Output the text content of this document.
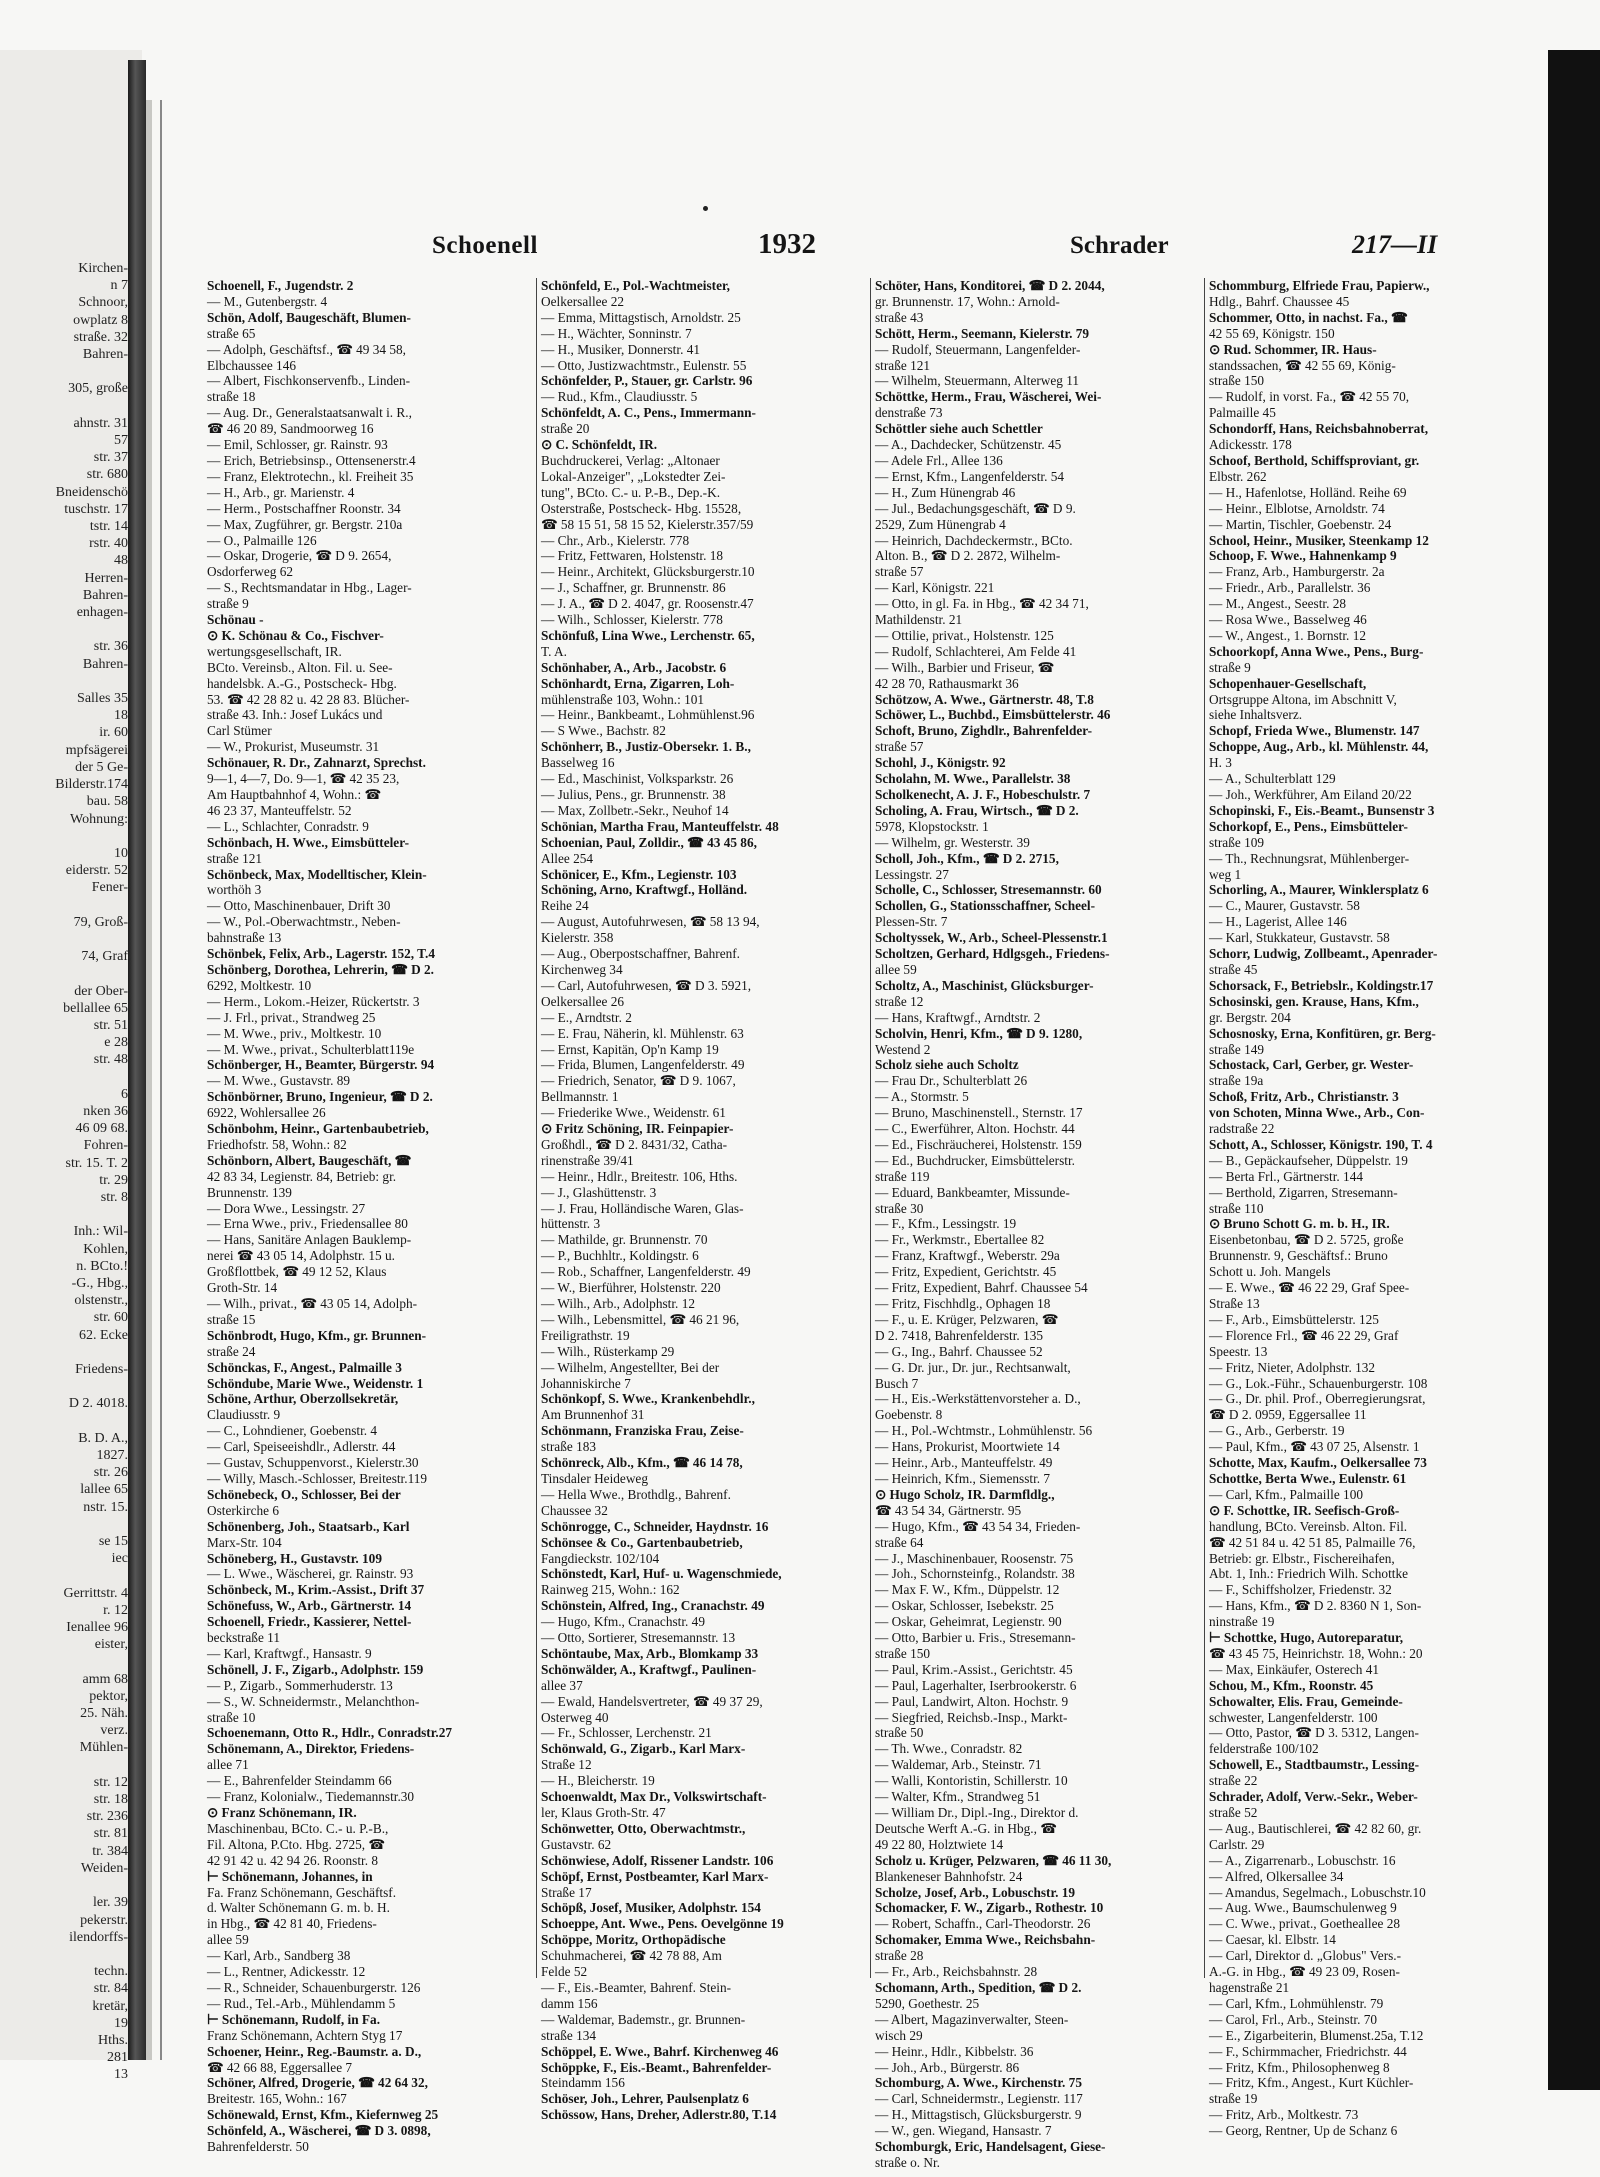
Kirchen-
n 7
Schnoor,
owplatz 8
straße. 32
Bahren-

305, große

ahnstr. 31
57
str. 37
str. 680
Bneidenschö
tuschstr. 17
tstr. 14
rstr. 40
48
Herren-
Bahren-
enhagen-

str. 36
Bahren-

Salles 35
18
ir. 60
mpfsägerei
der 5 Ge-
Bilderstr.174
bau. 58
Wohnung:

10
eiderstr. 52
Fener-

79, Groß-

74, Graf

der Ober-
bellallee 65
str. 51
e 28
str. 48

6
nken 36
46 09 68.
Fohren-
str. 15. T. 2
tr. 29
str. 8

Inh.: Wil-
Kohlen,
n. BCto.!
-G., Hbg.,
olstenstr.,
str. 60
62. Ecke

Friedens-

D 2. 4018.

B. D. A.,
1827.
str. 26
lallee 65
nstr. 15.

se 15
iec

Gerrittstr. 4
r. 12
Ienallee 96
eister,

amm 68
pektor,
25. Näh.
verz.
Mühlen-

str. 12
str. 18
str. 236
str. 81
tr. 384
Weiden-

ler. 39
pekerstr.
ilendorffs-

techn.
str. 84
kretär,
19
Hths.
281
13
Schoenell	1932	Schrader	217—II
Schoenell, F., Jugendstr. 2
— M., Gutenbergstr. 4
Schön, Adolf, Baugeschäft, Blumen-
straße 65
— Adolph, Geschäftsf., ☎ 49 34 58,
Elbchaussee 146
— Albert, Fischkonservenfb., Linden-
straße 18
— Aug. Dr., Generalstaatsanwalt i. R.,
☎ 46 20 89, Sandmoorweg 16
— Emil, Schlosser, gr. Rainstr. 93
— Erich, Betriebsinsp., Ottensenerstr.4
— Franz, Elektrotechn., kl. Freiheit 35
— H., Arb., gr. Marienstr. 4
— Herm., Postschaffner Roonstr. 34
— Max, Zugführer, gr. Bergstr. 210a
— O., Palmaille 126
— Oskar, Drogerie, ☎ D 9. 2654,
Osdorferweg 62
— S., Rechtsmandatar in Hbg., Lager-
straße 9
Schönau -
⊙ K. Schönau & Co., Fischver-
wertungsgesellschaft, IR.
BCto. Vereinsb., Alton. Fil. u. See-
handelsbk. A.-G., Postscheck- Hbg.
53. ☎ 42 28 82 u. 42 28 83. Blücher-
straße 43. Inh.: Josef Lukács und
Carl Stümer
— W., Prokurist, Museumstr. 31
Schönauer, R. Dr., Zahnarzt, Sprechst.
9—1, 4—7, Do. 9—1, ☎ 42 35 23,
Am Hauptbahnhof 4, Wohn.: ☎
46 23 37, Manteuffelstr. 52
— L., Schlachter, Conradstr. 9
Schönbach, H. Wwe., Eimsbütteler-
straße 121
Schönbeck, Max, Modelltischer, Klein-
worthöh 3
— Otto, Maschinenbauer, Drift 30
— W., Pol.-Oberwachtmstr., Neben-
bahnstraße 13
Schönbek, Felix, Arb., Lagerstr. 152, T.4
Schönberg, Dorothea, Lehrerin, ☎ D 2.
6292, Moltkestr. 10
— Herm., Lokom.-Heizer, Rückertstr. 3
— J. Frl., privat., Strandweg 25
— M. Wwe., priv., Moltkestr. 10
— M. Wwe., privat., Schulterblatt119e
Schönberger, H., Beamter, Bürgerstr. 94
— M. Wwe., Gustavstr. 89
Schönbörner, Bruno, Ingenieur, ☎ D 2.
6922, Wohlersallee 26
Schönbohm, Heinr., Gartenbaubetrieb,
Friedhofstr. 58, Wohn.: 82
Schönborn, Albert, Baugeschäft, ☎
42 83 34, Legienstr. 84, Betrieb: gr.
Brunnenstr. 139
— Dora Wwe., Lessingstr. 27
— Erna Wwe., priv., Friedensallee 80
— Hans, Sanitäre Anlagen Bauklemp-
nerei ☎ 43 05 14, Adolphstr. 15 u.
Großflottbek, ☎ 49 12 52, Klaus
Groth-Str. 14
— Wilh., privat., ☎ 43 05 14, Adolph-
straße 15
Schönbrodt, Hugo, Kfm., gr. Brunnen-
straße 24
Schönckas, F., Angest., Palmaille 3
Schöndube, Marie Wwe., Weidenstr. 1
Schöne, Arthur, Oberzollsekretär,
Claudiusstr. 9
— C., Lohndiener, Goebenstr. 4
— Carl, Speiseeishdlr., Adlerstr. 44
— Gustav, Schuppenvorst., Kielerstr.30
— Willy, Masch.-Schlosser, Breitestr.119
Schönebeck, O., Schlosser, Bei der
Osterkirche 6
Schönenberg, Joh., Staatsarb., Karl
Marx-Str. 104
Schöneberg, H., Gustavstr. 109
— L. Wwe., Wäscherei, gr. Rainstr. 93
Schönbeck, M., Krim.-Assist., Drift 37
Schönefuss, W., Arb., Gärtnerstr. 14
Schoenell, Friedr., Kassierer, Nettel-
beckstraße 11
— Karl, Kraftwgf., Hansastr. 9
Schönell, J. F., Zigarb., Adolphstr. 159
— P., Zigarb., Sommerhuderstr. 13
— S., W. Schneidermstr., Melanchthon-
straße 10
Schoenemann, Otto R., Hdlr., Conradstr.27
Schönemann, A., Direktor, Friedens-
allee 71
— E., Bahrenfelder Steindamm 66
— Franz, Kolonialw., Tiedemannstr.30
⊙ Franz Schönemann, IR.
Maschinenbau, BCto. C.- u. P.-B.,
Fil. Altona, P.Cto. Hbg. 2725, ☎
42 91 42 u. 42 94 26. Roonstr. 8
⊢ Schönemann, Johannes, in
Fa. Franz Schönemann, Geschäftsf.
d. Walter Schönemann G. m. b. H.
in Hbg., ☎ 42 81 40, Friedens-
allee 59
— Karl, Arb., Sandberg 38
— L., Rentner, Adickesstr. 12
— R., Schneider, Schauenburgerstr. 126
— Rud., Tel.-Arb., Mühlendamm 5
⊢ Schönemann, Rudolf, in Fa.
Franz Schönemann, Achtern Styg 17
Schoener, Heinr., Reg.-Baumstr. a. D.,
☎ 42 66 88, Eggersallee 7
Schöner, Alfred, Drogerie, ☎ 42 64 32,
Breitestr. 165, Wohn.: 167
Schönewald, Ernst, Kfm., Kiefernweg 25
Schönfeld, A., Wäscherei, ☎ D 3. 0898,
Bahrenfelderstr. 50
Schönfeld, E., Pol.-Wachtmeister,
Oelkersallee 22
— Emma, Mittagstisch, Arnoldstr. 25
— H., Wächter, Sonninstr. 7
— H., Musiker, Donnerstr. 41
— Otto, Justizwachtmstr., Eulenstr. 55
Schönfelder, P., Stauer, gr. Carlstr. 96
— Rud., Kfm., Claudiusstr. 5
Schönfeldt, A. C., Pens., Immermann-
straße 20
⊙ C. Schönfeldt, IR.
Buchdruckerei, Verlag: „Altonaer
Lokal-Anzeiger", „Lokstedter Zei-
tung", BCto. C.- u. P.-B., Dep.-K.
Osterstraße, Postscheck- Hbg. 15528,
☎ 58 15 51, 58 15 52, Kielerstr.357/59
— Chr., Arb., Kielerstr. 778
— Fritz, Fettwaren, Holstenstr. 18
— Heinr., Architekt, Glücksburgerstr.10
— J., Schaffner, gr. Brunnenstr. 86
— J. A., ☎ D 2. 4047, gr. Roosenstr.47
— Wilh., Schlosser, Kielerstr. 778
Schönfuß, Lina Wwe., Lerchenstr. 65,
T. A.
Schönhaber, A., Arb., Jacobstr. 6
Schönhardt, Erna, Zigarren, Loh-
mühlenstraße 103, Wohn.: 101
— Heinr., Bankbeamt., Lohmühlenst.96
— S Wwe., Bachstr. 82
Schönherr, B., Justiz-Obersekr. 1. B.,
Basselweg 16
— Ed., Maschinist, Volksparkstr. 26
— Julius, Pens., gr. Brunnenstr. 38
— Max, Zollbetr.-Sekr., Neuhof 14
Schönian, Martha Frau, Manteuffelstr. 48
Schoenian, Paul, Zolldir., ☎ 43 45 86,
Allee 254
Schönicer, E., Kfm., Legienstr. 103
Schöning, Arno, Kraftwgf., Holländ.
Reihe 24
— August, Autofuhrwesen, ☎ 58 13 94,
Kielerstr. 358
— Aug., Oberpostschaffner, Bahrenf.
Kirchenweg 34
— Carl, Autofuhrwesen, ☎ D 3. 5921,
Oelkersallee 26
— E., Arndtstr. 2
— E. Frau, Näherin, kl. Mühlenstr. 63
— Ernst, Kapitän, Op'n Kamp 19
— Frida, Blumen, Langenfelderstr. 49
— Friedrich, Senator, ☎ D 9. 1067,
Bellmannstr. 1
— Friederike Wwe., Weidenstr. 61
⊙ Fritz Schöning, IR. Feinpapier-
Großhdl., ☎ D 2. 8431/32, Catha-
rinenstraße 39/41
— Heinr., Hdlr., Breitestr. 106, Hths.
— J., Glashüttenstr. 3
— J. Frau, Holländische Waren, Glas-
hüttenstr. 3
— Mathilde, gr. Brunnenstr. 70
— P., Buchhltr., Koldingstr. 6
— Rob., Schaffner, Langenfelderstr. 49
— W., Bierführer, Holstenstr. 220
— Wilh., Arb., Adolphstr. 12
— Wilh., Lebensmittel, ☎ 46 21 96,
Freiligrathstr. 19
— Wilh., Rüsterkamp 29
— Wilhelm, Angestellter, Bei der
Johanniskirche 7
Schönkopf, S. Wwe., Krankenbehdlr.,
Am Brunnenhof 31
Schönmann, Franziska Frau, Zeise-
straße 183
Schönreck, Alb., Kfm., ☎ 46 14 78,
Tinsdaler Heideweg
— Hella Wwe., Brothdlg., Bahrenf.
Chaussee 32
Schönrogge, C., Schneider, Haydnstr. 16
Schönsee & Co., Gartenbaubetrieb,
Fangdieckstr. 102/104
Schönstedt, Karl, Huf- u. Wagenschmiede,
Rainweg 215, Wohn.: 162
Schönstein, Alfred, Ing., Cranachstr. 49
— Hugo, Kfm., Cranachstr. 49
— Otto, Sortierer, Stresemannstr. 13
Schöntaube, Max, Arb., Blomkamp 33
Schönwälder, A., Kraftwgf., Paulinen-
allee 37
— Ewald, Handelsvertreter, ☎ 49 37 29,
Osterweg 40
— Fr., Schlosser, Lerchenstr. 21
Schönwald, G., Zigarb., Karl Marx-
Straße 12
— H., Bleicherstr. 19
Schoenwaldt, Max Dr., Volkswirtschaft-
ler, Klaus Groth-Str. 47
Schönwetter, Otto, Oberwachtmstr.,
Gustavstr. 62
Schönwiese, Adolf, Rissener Landstr. 106
Schöpf, Ernst, Postbeamter, Karl Marx-
Straße 17
Schöpß, Josef, Musiker, Adolphstr. 154
Schoeppe, Ant. Wwe., Pens. Oevelgönne 19
Schöppe, Moritz, Orthopädische
Schuhmacherei, ☎ 42 78 88, Am
Felde 52
— F., Eis.-Beamter, Bahrenf. Stein-
damm 156
— Waldemar, Bademstr., gr. Brunnen-
straße 134
Schöppel, E. Wwe., Bahrf. Kirchenweg 46
Schöppke, F., Eis.-Beamt., Bahrenfelder-
Steindamm 156
Schöser, Joh., Lehrer, Paulsenplatz 6
Schössow, Hans, Dreher, Adlerstr.80, T.14
Schöter, Hans, Konditorei, ☎ D 2. 2044,
gr. Brunnenstr. 17, Wohn.: Arnold-
straße 43
Schött, Herm., Seemann, Kielerstr. 79
— Rudolf, Steuermann, Langenfelder-
straße 121
— Wilhelm, Steuermann, Alterweg 11
Schöttke, Herm., Frau, Wäscherei, Wei-
denstraße 73
Schöttler siehe auch Schettler
— A., Dachdecker, Schützenstr. 45
— Adele Frl., Allee 136
— Ernst, Kfm., Langenfelderstr. 54
— H., Zum Hünengrab 46
— Jul., Bedachungsgeschäft, ☎ D 9.
2529, Zum Hünengrab 4
— Heinrich, Dachdeckermstr., BCto.
Alton. B., ☎ D 2. 2872, Wilhelm-
straße 57
— Karl, Königstr. 221
— Otto, in gl. Fa. in Hbg., ☎ 42 34 71,
Mathildenstr. 21
— Ottilie, privat., Holstenstr. 125
— Rudolf, Schlachterei, Am Felde 41
— Wilh., Barbier und Friseur, ☎
42 28 70, Rathausmarkt 36
Schötzow, A. Wwe., Gärtnerstr. 48, T.8
Schöwer, L., Buchbd., Eimsbüttelerstr. 46
Schoft, Bruno, Zighdlr., Bahrenfelder-
straße 57
Schohl, J., Königstr. 92
Scholahn, M. Wwe., Parallelstr. 38
Scholkenecht, A. J. F., Hobeschulstr. 7
Scholing, A. Frau, Wirtsch., ☎ D 2.
5978, Klopstockstr. 1
— Wilhelm, gr. Westerstr. 39
Scholl, Joh., Kfm., ☎ D 2. 2715,
Lessingstr. 27
Scholle, C., Schlosser, Stresemannstr. 60
Schollen, G., Stationsschaffner, Scheel-
Plessen-Str. 7
Scholtyssek, W., Arb., Scheel-Plessenstr.1
Scholtzen, Gerhard, Hdlgsgeh., Friedens-
allee 59
Scholtz, A., Maschinist, Glücksburger-
straße 12
— Hans, Kraftwgf., Arndtstr. 2
Scholvin, Henri, Kfm., ☎ D 9. 1280,
Westend 2
Scholz siehe auch Scholtz
— Frau Dr., Schulterblatt 26
— A., Stormstr. 5
— Bruno, Maschinenstell., Sternstr. 17
— C., Ewerführer, Alton. Hochstr. 44
— Ed., Fischräucherei, Holstenstr. 159
— Ed., Buchdrucker, Eimsbüttelerstr.
straße 119
— Eduard, Bankbeamter, Missunde-
straße 30
— F., Kfm., Lessingstr. 19
— Fr., Werkmstr., Ebertallee 82
— Franz, Kraftwgf., Weberstr. 29a
— Fritz, Expedient, Gerichtstr. 45
— Fritz, Expedient, Bahrf. Chaussee 54
— Fritz, Fischhdlg., Ophagen 18
— F., u. E. Krüger, Pelzwaren, ☎
D 2. 7418, Bahrenfelderstr. 135
— G., Ing., Bahrf. Chaussee 52
— G. Dr. jur., Dr. jur., Rechtsanwalt,
Busch 7
— H., Eis.-Werkstättenvorsteher a. D.,
Goebenstr. 8
— H., Pol.-Wchtmstr., Lohmühlenstr. 56
— Hans, Prokurist, Moortwiete 14
— Heinr., Arb., Manteuffelstr. 49
— Heinrich, Kfm., Siemensstr. 7
⊙ Hugo Scholz, IR. Darmfldlg.,
☎ 43 54 34, Gärtnerstr. 95
— Hugo, Kfm., ☎ 43 54 34, Frieden-
straße 64
— J., Maschinenbauer, Roosenstr. 75
— Joh., Schornsteinfg., Rolandstr. 38
— Max F. W., Kfm., Düppelstr. 12
— Oskar, Schlosser, Isebekstr. 25
— Oskar, Geheimrat, Legienstr. 90
— Otto, Barbier u. Fris., Stresemann-
straße 150
— Paul, Krim.-Assist., Gerichtstr. 45
— Paul, Lagerhalter, Iserbrookerstr. 6
— Paul, Landwirt, Alton. Hochstr. 9
— Siegfried, Reichsb.-Insp., Markt-
straße 50
— Th. Wwe., Conradstr. 82
— Waldemar, Arb., Steinstr. 71
— Walli, Kontoristin, Schillerstr. 10
— Walter, Kfm., Strandweg 51
— William Dr., Dipl.-Ing., Direktor d.
Deutsche Werft A.-G. in Hbg., ☎
49 22 80, Holztwiete 14
Scholz u. Krüger, Pelzwaren, ☎ 46 11 30,
Blankeneser Bahnhofstr. 24
Scholze, Josef, Arb., Lobuschstr. 19
Schomacker, F. W., Zigarb., Rothestr. 10
— Robert, Schaffn., Carl-Theodorstr. 26
Schomaker, Emma Wwe., Reichsbahn-
straße 28
— Fr., Arb., Reichsbahnstr. 28
Schomann, Arth., Spedition, ☎ D 2.
5290, Goethestr. 25
— Albert, Magazinverwalter, Steen-
wisch 29
— Heinr., Hdlr., Kibbelstr. 36
— Joh., Arb., Bürgerstr. 86
Schomburg, A. Wwe., Kirchenstr. 75
— Carl, Schneidermstr., Legienstr. 117
— H., Mittagstisch, Glücksburgerstr. 9
— W., gen. Wiegand, Hansastr. 7
Schomburgk, Eric, Handelsagent, Giese-
straße o. Nr.
Schommburg, Elfriede Frau, Papierw.,
Hdlg., Bahrf. Chaussee 45
Schommer, Otto, in nachst. Fa., ☎
42 55 69, Königstr. 150
⊙ Rud. Schommer, IR. Haus-
standssachen, ☎ 42 55 69, König-
straße 150
— Rudolf, in vorst. Fa., ☎ 42 55 70,
Palmaille 45
Schondorff, Hans, Reichsbahnoberrat,
Adickesstr. 178
Schoof, Berthold, Schiffsproviant, gr.
Elbstr. 262
— H., Hafenlotse, Holländ. Reihe 69
— Heinr., Elblotse, Arnoldstr. 74
— Martin, Tischler, Goebenstr. 24
School, Heinr., Musiker, Steenkamp 12
Schoop, F. Wwe., Hahnenkamp 9
— Franz, Arb., Hamburgerstr. 2a
— Friedr., Arb., Parallelstr. 36
— M., Angest., Seestr. 28
— Rosa Wwe., Basselweg 46
— W., Angest., 1. Bornstr. 12
Schoorkopf, Anna Wwe., Pens., Burg-
straße 9
Schopenhauer-Gesellschaft,
Ortsgruppe Altona, im Abschnitt V,
siehe Inhaltsverz.
Schopf, Frieda Wwe., Blumenstr. 147
Schoppe, Aug., Arb., kl. Mühlenstr. 44,
H. 3
— A., Schulterblatt 129
— Joh., Werkführer, Am Eiland 20/22
Schopinski, F., Eis.-Beamt., Bunsenstr 3
Schorkopf, E., Pens., Eimsbütteler-
straße 109
— Th., Rechnungsrat, Mühlenberger-
weg 1
Schorling, A., Maurer, Winklersplatz 6
— C., Maurer, Gustavstr. 58
— H., Lagerist, Allee 146
— Karl, Stukkateur, Gustavstr. 58
Schorr, Ludwig, Zollbeamt., Apenrader-
straße 45
Schorsack, F., Betriebslr., Koldingstr.17
Schosinski, gen. Krause, Hans, Kfm.,
gr. Bergstr. 204
Schosnosky, Erna, Konfitüren, gr. Berg-
straße 149
Schostack, Carl, Gerber, gr. Wester-
straße 19a
Schoß, Fritz, Arb., Christianstr. 3
von Schoten, Minna Wwe., Arb., Con-
radstraße 22
Schott, A., Schlosser, Königstr. 190, T. 4
— B., Gepäckaufseher, Düppelstr. 19
— Berta Frl., Gärtnerstr. 144
— Berthold, Zigarren, Stresemann-
straße 110
⊙ Bruno Schott G. m. b. H., IR.
Eisenbetonbau, ☎ D 2. 5725, große
Brunnenstr. 9, Geschäftsf.: Bruno
Schott u. Joh. Mangels
— E. Wwe., ☎ 46 22 29, Graf Spee-
Straße 13
— F., Arb., Eimsbüttelerstr. 125
— Florence Frl., ☎ 46 22 29, Graf
Speestr. 13
— Fritz, Nieter, Adolphstr. 132
— G., Lok.-Führ., Schauenburgerstr. 108
— G., Dr. phil. Prof., Oberregierungsrat,
☎ D 2. 0959, Eggersallee 11
— G., Arb., Gerberstr. 19
— Paul, Kfm., ☎ 43 07 25, Alsenstr. 1
Schotte, Max, Kaufm., Oelkersallee 73
Schottke, Berta Wwe., Eulenstr. 61
— Carl, Kfm., Palmaille 100
⊙ F. Schottke, IR. Seefisch-Groß-
handlung, BCto. Vereinsb. Alton. Fil.
☎ 42 51 84 u. 42 51 85, Palmaille 76,
Betrieb: gr. Elbstr., Fischereihafen,
Abt. 1, Inh.: Friedrich Wilh. Schottke
— F., Schiffsholzer, Friedenstr. 32
— Hans, Kfm., ☎ D 2. 8360 N 1, Son-
ninstraße 19
⊢ Schottke, Hugo, Autoreparatur,
☎ 43 45 75, Heinrichstr. 18, Wohn.: 20
— Max, Einkäufer, Osterech 41
Schou, M., Kfm., Roonstr. 45
Schowalter, Elis. Frau, Gemeinde-
schwester, Langenfelderstr. 100
— Otto, Pastor, ☎ D 3. 5312, Langen-
felderstraße 100/102
Schowell, E., Stadtbaumstr., Lessing-
straße 22
Schrader, Adolf, Verw.-Sekr., Weber-
straße 52
— Aug., Bautischlerei, ☎ 42 82 60, gr.
Carlstr. 29
— A., Zigarrenarb., Lobuschstr. 16
— Alfred, Olkersallee 34
— Amandus, Segelmach., Lobuschstr.10
— Aug. Wwe., Baumschulenweg 9
— C. Wwe., privat., Goetheallee 28
— Caesar, kl. Elbstr. 14
— Carl, Direktor d. „Globus" Vers.-
A.-G. in Hbg., ☎ 49 23 09, Rosen-
hagenstraße 21
— Carl, Kfm., Lohmühlenstr. 79
— Carol, Frl., Arb., Steinstr. 70
— E., Zigarbeiterin, Blumenst.25a, T.12
— F., Schirmmacher, Friedrichstr. 44
— Fritz, Kfm., Philosophenweg 8
— Fritz, Kfm., Angest., Kurt Küchler-
straße 19
— Fritz, Arb., Moltkestr. 73
— Georg, Rentner, Up de Schanz 6
